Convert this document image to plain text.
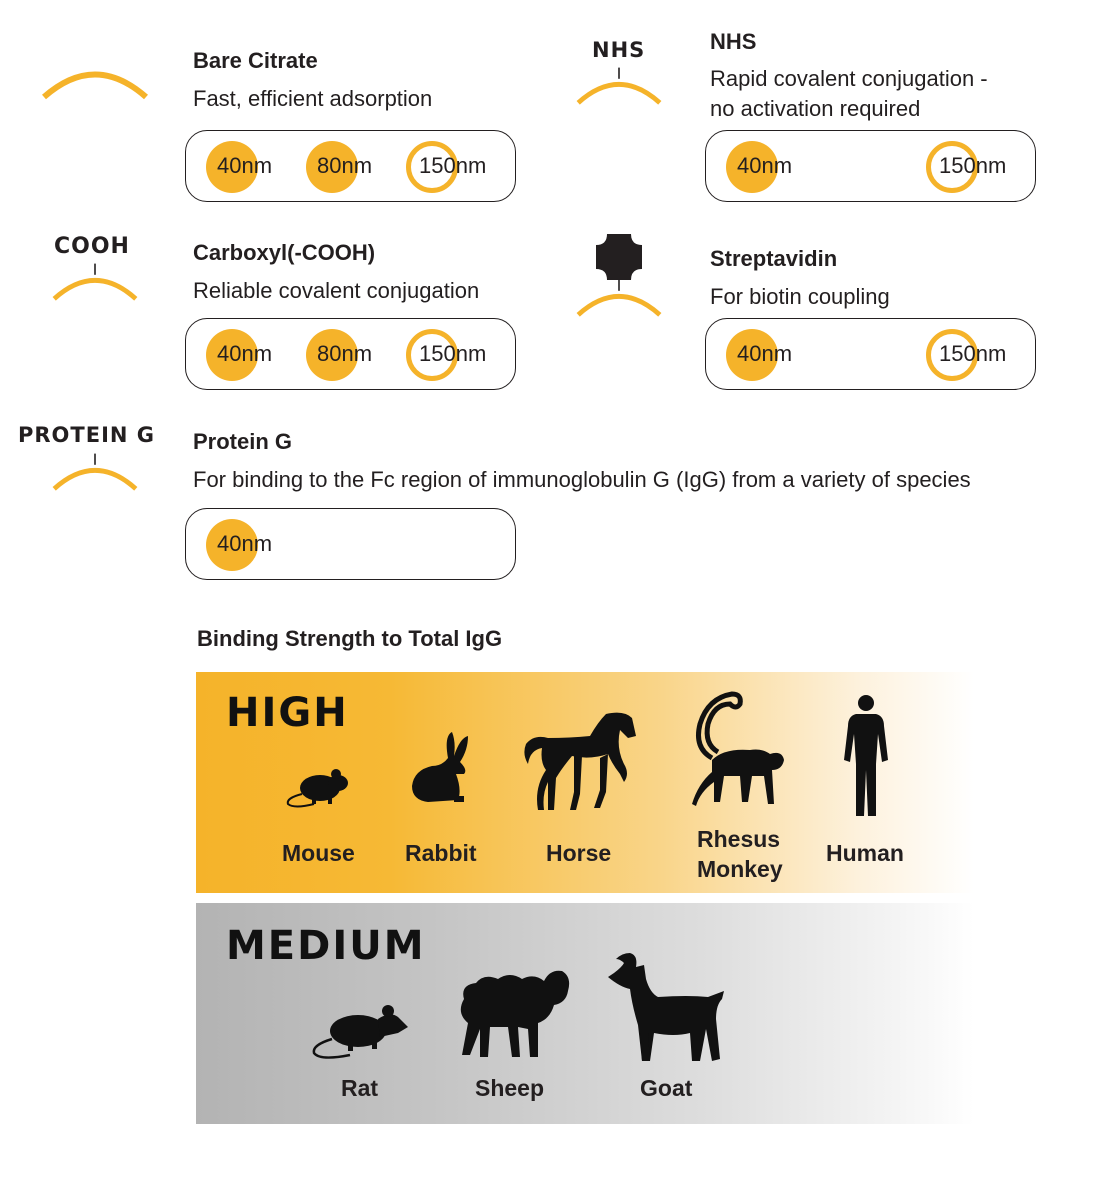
Bare Citrate
Fast, efficient adsorption
40nm 80nm 150nm
NHS	NHS
Rapid covalent conjugation -
no activation required
40nm	150nm
COOH	Carboxyl(-COOH)
Reliable covalent conjugation
40nm 80nm 150nm
Streptavidin
For biotin coupling
40nm	150nm
PROTEIN G Protein G
For binding to the Fc region of immunoglobulin G (IgG) from a variety of species
40nm
Binding Strength to Total IgG
HIGH
Mouse Rabbit	Horse
Rhesus
Monkey
Human
MEDIUM
Rat	Sheep	Goat
